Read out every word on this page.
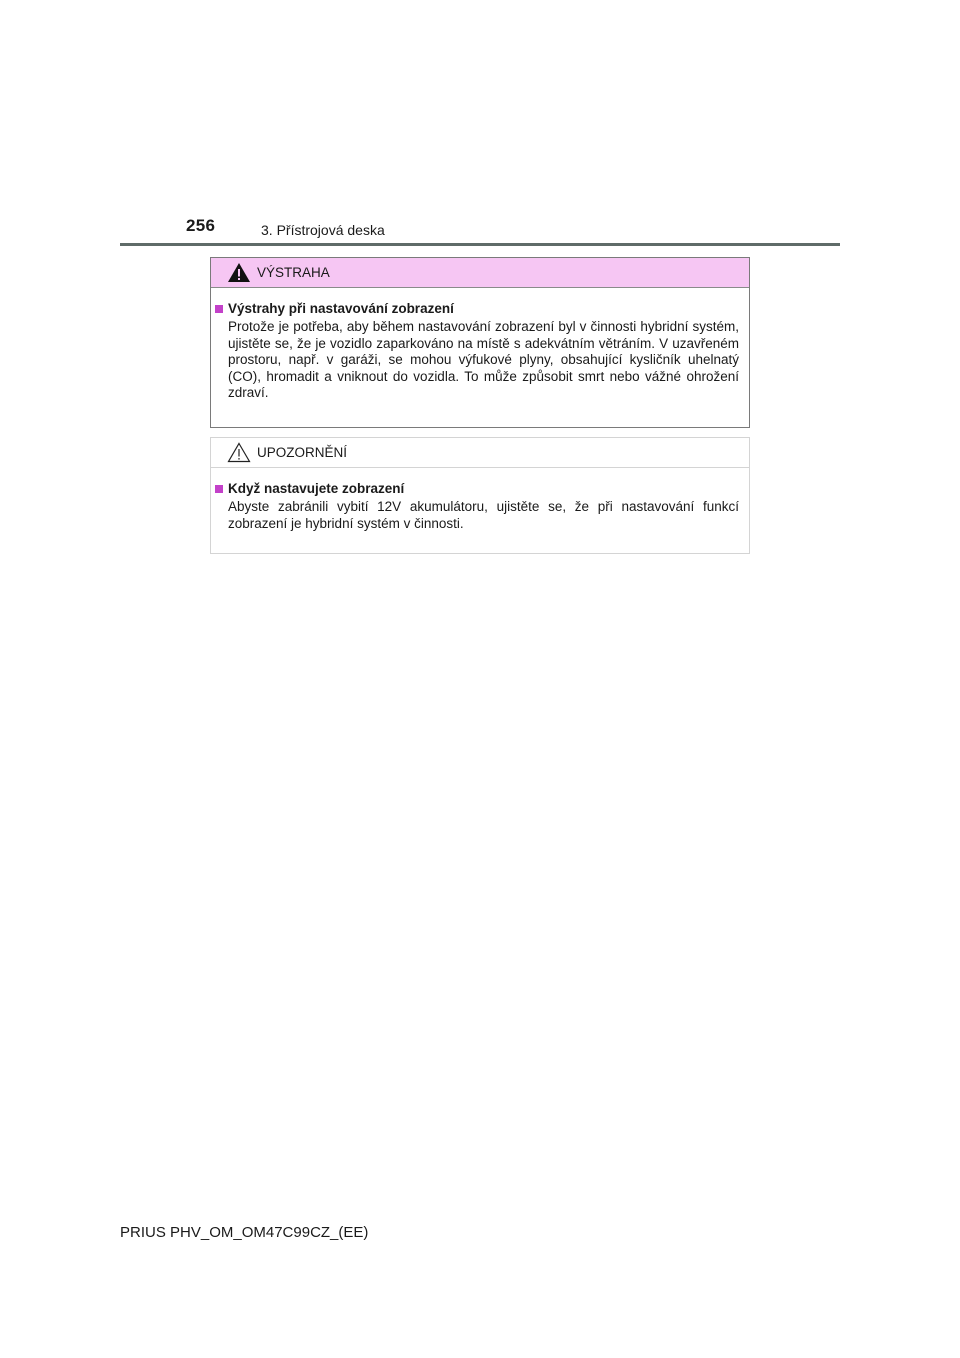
256	3. Přístrojová deska
VÝSTRAHA
Výstrahy při nastavování zobrazení
Protože je potřeba, aby během nastavování zobrazení byl v činnosti hybridní systém, ujistěte se, že je vozidlo zaparkováno na místě s adekvátním větráním. V uzavřeném prostoru, např. v garáži, se mohou výfukové plyny, obsahující kysličník uhelnatý (CO), hromadit a vniknout do vozidla. To může způsobit smrt nebo vážné ohrožení zdraví.
UPOZORNĚNÍ
Když nastavujete zobrazení
Abyste zabránili vybití 12V akumulátoru, ujistěte se, že při nastavování funkcí zobrazení je hybridní systém v činnosti.
PRIUS PHV_OM_OM47C99CZ_(EE)
